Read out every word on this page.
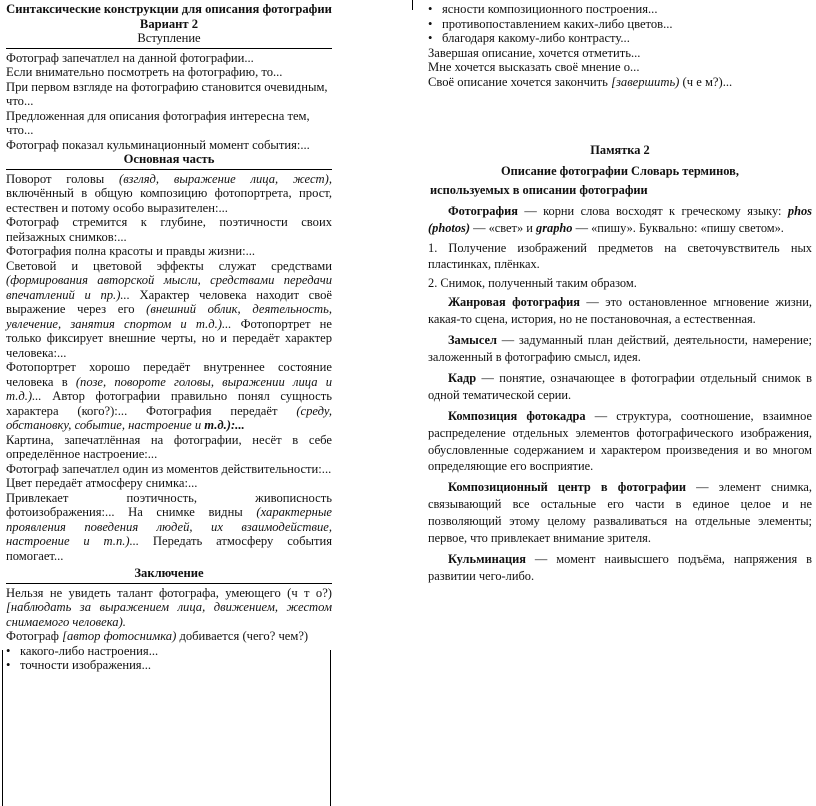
Синтаксические конструкции для описания фотографии
Вариант 2
Вступление
Фотограф запечатлел на данной фотографии...
Если внимательно посмотреть на фотографию, то...
При первом взгляде на фотографию становится очевидным, что...
Предложенная для описания фотография интересна тем, что...
Фотограф показал кульминационный момент события:...
Основная часть
Поворот головы (взгляд, выражение лица, жест), включённый в общую композицию фотопортрета, прост, естествен и потому особо выразителен:...
Фотограф стремится к глубине, поэтичности своих пейзажных снимков:...
Фотография полна красоты и правды жизни:...
Световой и цветовой эффекты служат средствами (формирования авторской мысли, средствами передачи впечатлений и пр.)... Характер человека находит своё выражение через его (внешний облик, деятельность, увлечение, занятия спортом и т.д.)... Фотопортрет не только фиксирует внешние черты, но и передаёт характер человека:...
Фотопортрет хорошо передаёт внутреннее состояние человека в (позе, повороте головы, выражении лица и т.д.)... Автор фотографии правильно понял сущность характера (кого?):... Фотография передаёт (среду, обстановку, событие, настроение и т.д.):...
Картина, запечатлённая на фотографии, несёт в себе определённое настроение:...
Фотограф запечатлел один из моментов действительности:...
Цвет передаёт атмосферу снимка:...
Привлекает поэтичность, живописность фотоизображения:... На снимке видны (характерные проявления поведения людей, их взаимодействие, настроение и т.п.)... Передать атмосферу события помогает...
Заключение
Нельзя не увидеть талант фотографа, умеющего (ч т о?) [наблюдать за выражением лица, движением, жестом снимаемого человека).
Фотограф [автор фотоснимка) добивается (чего? чем?)
• какого-либо настроения...
• точности изображения...
• ясности композиционного построения...
• противопоставлением каких-либо цветов...
• благодаря какому-либо контрасту...
Завершая описание, хочется отметить...
Мне хочется высказать своё мнение о...
Своё описание хочется закончить [завершить) (ч е м?)...
Памятка 2
Описание фотографии Словарь терминов,
используемых в описании фотографии

Фотография — корни слова восходят к греческому языку: phos (photos) — «свет» и grapho — «пишу». Буквально: «пишу светом».

1. Получение изображений предметов на светочувствитель ных пластинках, плёнках.

2. Снимок, полученный таким образом.

Жанровая фотография — это остановленное мгновение жизни, какая-то сцена, история, но не постановочная, а естественная.

Замысел — задуманный план действий, деятельности, намерение; заложенный в фотографию смысл, идея.

Кадр — понятие, означающее в фотографии отдельный снимок в одной тематической серии.

Композиция фотокадра — структура, соотношение, взаимное распределение отдельных элементов фотографического изображения, обусловленные содержанием и характером произведения и во многом определяющие его восприятие.

Композиционный центр в фотографии — элемент снимка, связывающий все остальные его части в единое целое и не позволяющий этому целому разваливаться на отдельные элементы; первое, что привлекает внимание зрителя.

Кульминация — момент наивысшего подъёма, напряжения в развитии чего-либо.
